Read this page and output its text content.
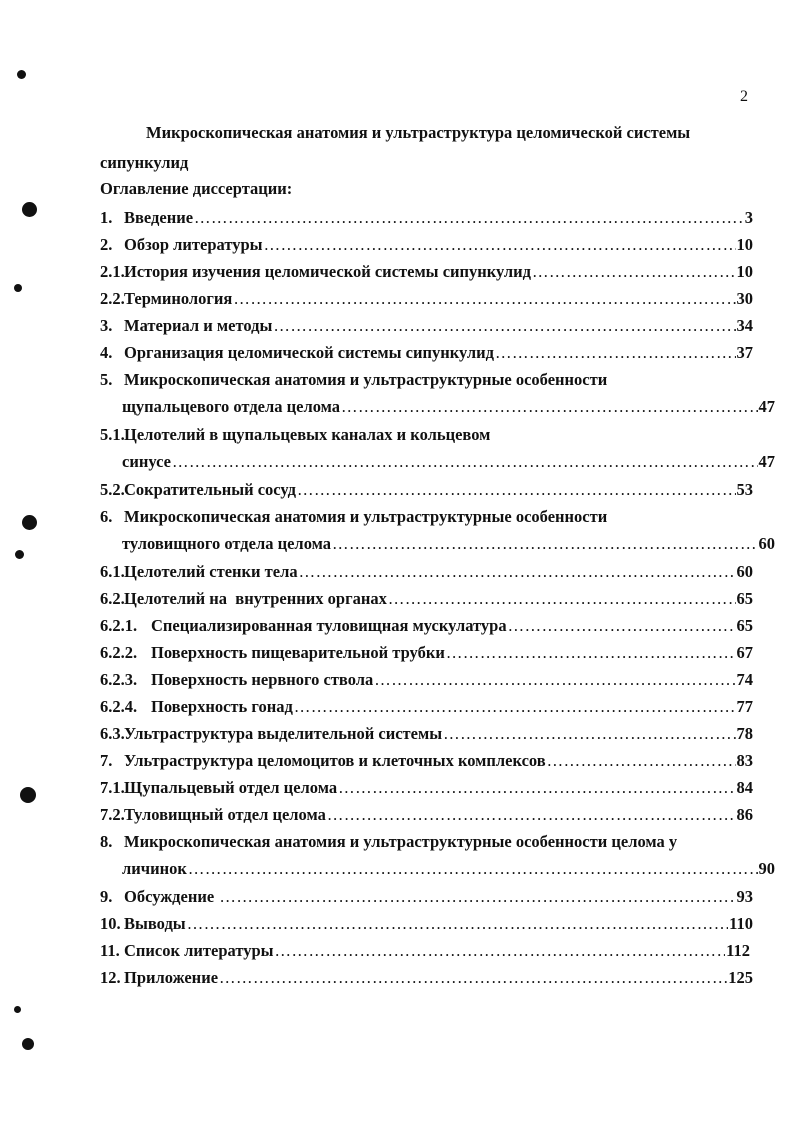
2
Микроскопическая анатомия и ультраструктура целомической системы
сипункулид
Оглавление диссертации:
1. Введение …………………………………………………………………………………………………………………………………………………………	3
2. Обзор литературы …………………………………………………………………………………………………………………………………………………………	10
2.1. История изучения целомической системы сипункулид …………………………………………………………………………………………………………………………………………………………	10
2.2. Терминология …………………………………………………………………………………………………………………………………………………………	30
3. Материал и методы …………………………………………………………………………………………………………………………………………………………	34
4. Организация целомической системы сипункулид …………………………………………………………………………………………………………………………………………………………	37
5. Микроскопическая анатомия и ультраструктурные особенности
щупальцевого отдела целома …………………………………………………………………………………………………………………………………………………………	47
5.1.Целотелий в щупальцевых каналах и кольцевом
синусе …………………………………………………………………………………………………………………………………………………………	47
5.2. Сократительный сосуд …………………………………………………………………………………………………………………………………………………………	53
6. Микроскопическая анатомия и ультраструктурные особенности
туловищного отдела целома …………………………………………………………………………………………………………………………………………………………	60
6.1. Целотелий стенки тела …………………………………………………………………………………………………………………………………………………………	60
6.2. Целотелий на  внутренних органах …………………………………………………………………………………………………………………………………………………………	65
6.2.1. Специализированная туловищная мускулатура …………………………………………………………………………………………………………………………………………………………	65
6.2.2. Поверхность пищеварительной трубки …………………………………………………………………………………………………………………………………………………………	67
6.2.3. Поверхность нервного ствола …………………………………………………………………………………………………………………………………………………………	74
6.2.4. Поверхность гонад …………………………………………………………………………………………………………………………………………………………	77
6.3. Ультраструктура выделительной системы …………………………………………………………………………………………………………………………………………………………	78
7. Ультраструктура целомоцитов и клеточных комплексов …………………………………………………………………………………………………………………………………………………………	83
7.1. Щупальцевый отдел целома …………………………………………………………………………………………………………………………………………………………	84
7.2. Туловищный отдел целома …………………………………………………………………………………………………………………………………………………………	86
8. Микроскопическая анатомия и ультраструктурные особенности целома у
личинок …………………………………………………………………………………………………………………………………………………………	90
9. Обсуждение …………………………………………………………………………………………………………………………………………………………	93
10. Выводы …………………………………………………………………………………………………………………………………………………………	110
11. Список литературы …………………………………………………………………………………………………………………………………………………………	112
12. Приложение …………………………………………………………………………………………………………………………………………………………	125
